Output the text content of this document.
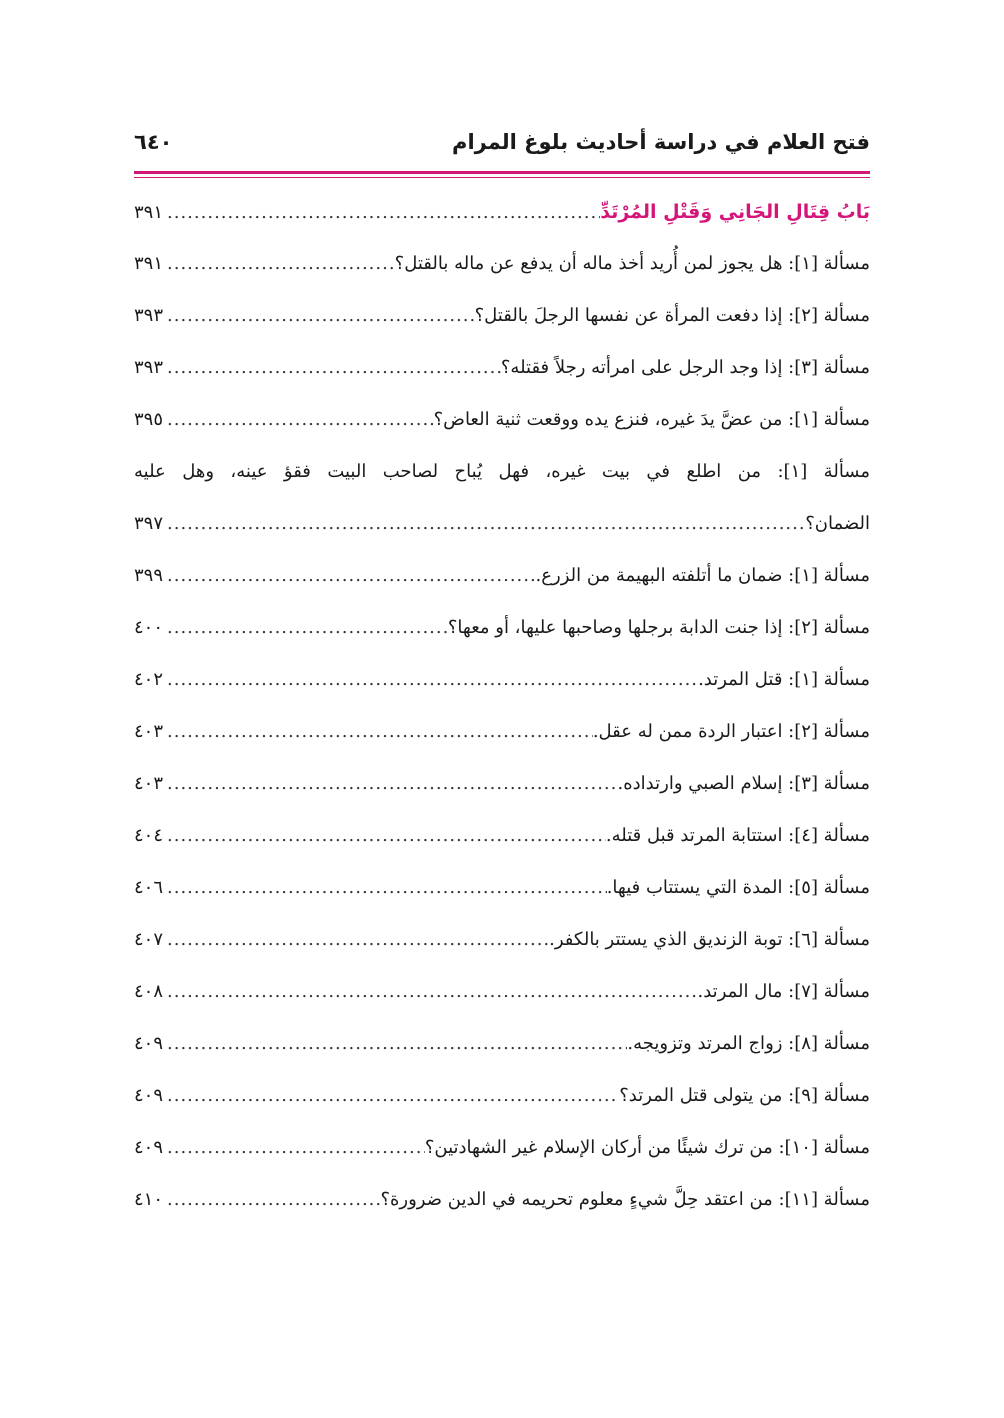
فتح العلام في دراسة أحاديث بلوغ المرام
٦٤٠
بَابُ قِتَالِ الجَانِي وَقَتْلِ المُرْتَدِّ
.....
٣٩١
مسألة [١]: هل يجوز لمن أُريد أخذ ماله أن يدفع عن ماله بالقتل؟
.....
٣٩١
مسألة [٢]: إذا دفعت المرأة عن نفسها الرجلَ بالقتل؟
.....
٣٩٣
مسألة [٣]: إذا وجد الرجل على امرأته رجلاً فقتله؟
.....
٣٩٣
مسألة [١]: من عضَّ يدَ غيره، فنزع يده ووقعت ثنية العاض؟
.....
٣٩٥
مسألة [١]: من اطلع في بيت غيره، فهل يُباح لصاحب البيت فقؤ عينه، وهل عليه
الضمان؟
.....
٣٩٧
مسألة [١]: ضمان ما أتلفته البهيمة من الزرع.
.....
٣٩٩
مسألة [٢]: إذا جنت الدابة برجلها وصاحبها عليها، أو معها؟
.....
٤٠٠
مسألة [١]: قتل المرتد.
.....
٤٠٢
مسألة [٢]: اعتبار الردة ممن له عقل.
.....
٤٠٣
مسألة [٣]: إسلام الصبي وارتداده.
.....
٤٠٣
مسألة [٤]: استتابة المرتد قبل قتله.
.....
٤٠٤
مسألة [٥]: المدة التي يستتاب فيها.
.....
٤٠٦
مسألة [٦]: توبة الزنديق الذي يستتر بالكفر.
.....
٤٠٧
مسألة [٧]: مال المرتد.
.....
٤٠٨
مسألة [٨]: زواج المرتد وتزويجه.
.....
٤٠٩
مسألة [٩]: من يتولى قتل المرتد؟
.....
٤٠٩
مسألة [١٠]: من ترك شيئًا من أركان الإسلام غير الشهادتين؟
.....
٤٠٩
مسألة [١١]: من اعتقد حِلَّ شيءٍ معلوم تحريمه في الدين ضرورة؟
.....
٤١٠
